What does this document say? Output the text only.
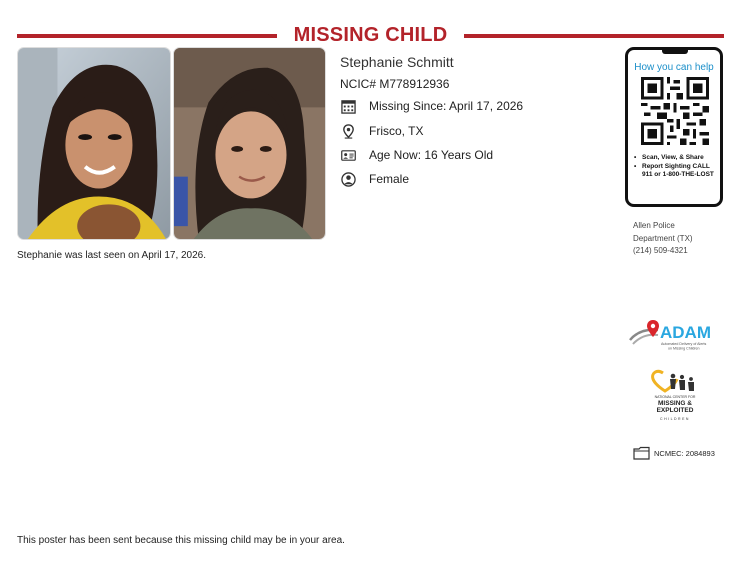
MISSING CHILD
Stephanie was last seen on April 17, 2026.
Stephanie Schmitt
NCIC# M778912936
Missing Since: April 17, 2026
Frisco, TX
Age Now: 16 Years Old
Female
How you can help
• Scan, View, & Share
• Report Sighting CALL 911 or 1-800-THE-LOST
Allen Police
Department (TX)
(214) 509-4321
ADAM
Automated Delivery of Alerts
on Missing Children
NATIONAL CENTER FOR
MISSING &
EXPLOITED
CHILDREN
NCMEC: 2084893
This poster has been sent because this missing child may be in your area.
